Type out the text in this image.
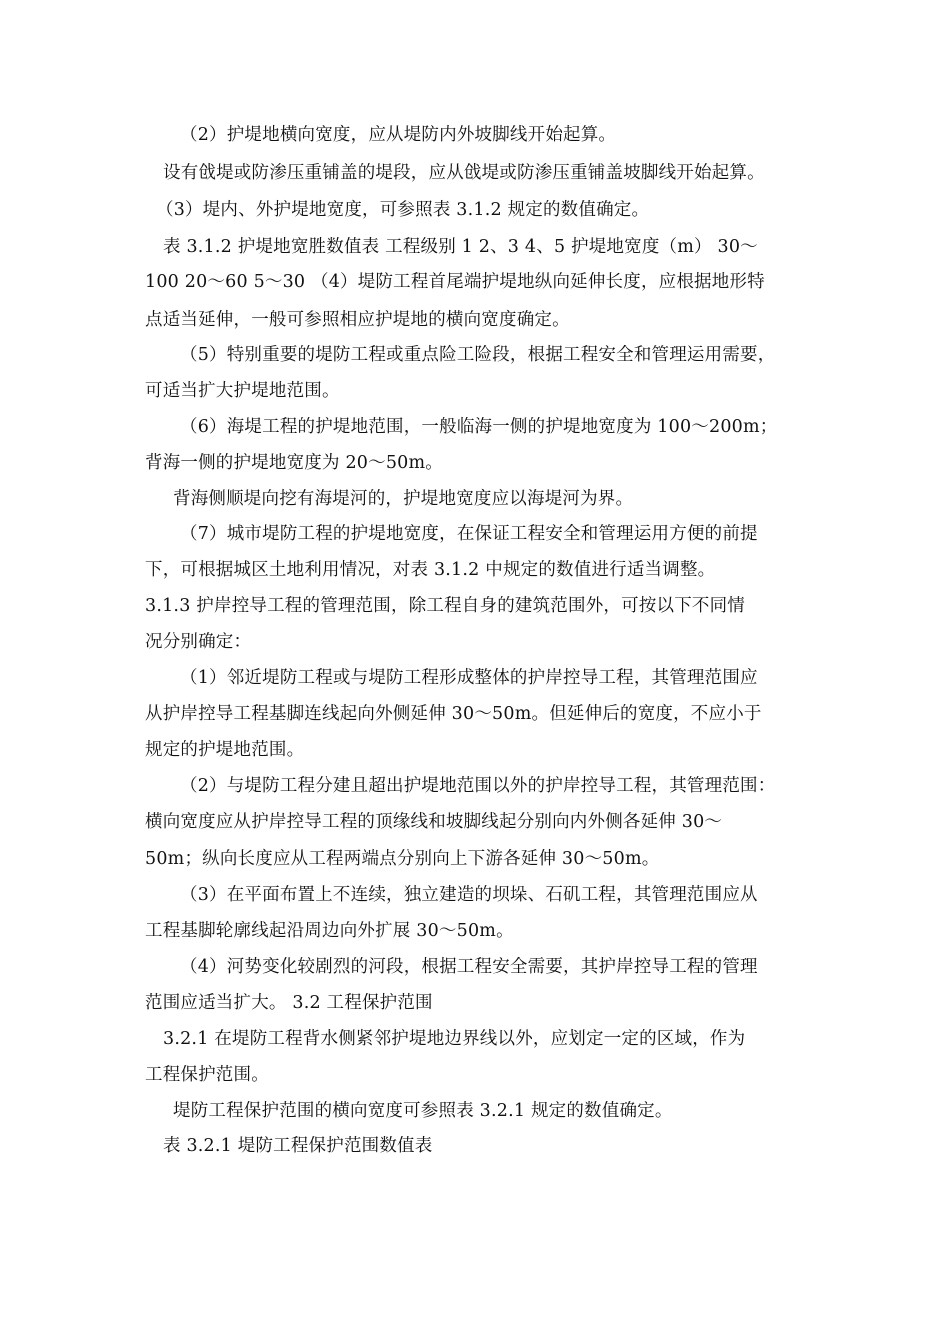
（2）护堤地横向宽度，应从堤防内外坡脚线开始起算。
设有戗堤或防渗压重铺盖的堤段，应从戗堤或防渗压重铺盖坡脚线开始起算。
（3）堤内、外护堤地宽度，可参照表 3.1.2 规定的数值确定。
表 3.1.2 护堤地宽胜数值表 工程级别 1 2、3 4、5 护堤地宽度（m） 30～
100 20～60 5～30 （4）堤防工程首尾端护堤地纵向延伸长度，应根据地形特
点适当延伸，一般可参照相应护堤地的横向宽度确定。
（5）特别重要的堤防工程或重点险工险段，根据工程安全和管理运用需要，
可适当扩大护堤地范围。
（6）海堤工程的护堤地范围，一般临海一侧的护堤地宽度为 100～200m；
背海一侧的护堤地宽度为 20～50m。
背海侧顺堤向挖有海堤河的，护堤地宽度应以海堤河为界。
（7）城市堤防工程的护堤地宽度，在保证工程安全和管理运用方便的前提
下，可根据城区土地利用情况，对表 3.1.2 中规定的数值进行适当调整。
3.1.3 护岸控导工程的管理范围，除工程自身的建筑范围外，可按以下不同情
况分别确定：
（1）邻近堤防工程或与堤防工程形成整体的护岸控导工程，其管理范围应
从护岸控导工程基脚连线起向外侧延伸 30～50m。但延伸后的宽度，不应小于
规定的护堤地范围。
（2）与堤防工程分建且超出护堤地范围以外的护岸控导工程，其管理范围：
横向宽度应从护岸控导工程的顶缘线和坡脚线起分别向内外侧各延伸 30～
50m；纵向长度应从工程两端点分别向上下游各延伸 30～50m。
（3）在平面布置上不连续，独立建造的坝垛、石矶工程，其管理范围应从
工程基脚轮廓线起沿周边向外扩展 30～50m。
（4）河势变化较剧烈的河段，根据工程安全需要，其护岸控导工程的管理
范围应适当扩大。 3.2 工程保护范围
3.2.1 在堤防工程背水侧紧邻护堤地边界线以外，应划定一定的区域，作为
工程保护范围。
堤防工程保护范围的横向宽度可参照表 3.2.1 规定的数值确定。
表 3.2.1 堤防工程保护范围数值表
